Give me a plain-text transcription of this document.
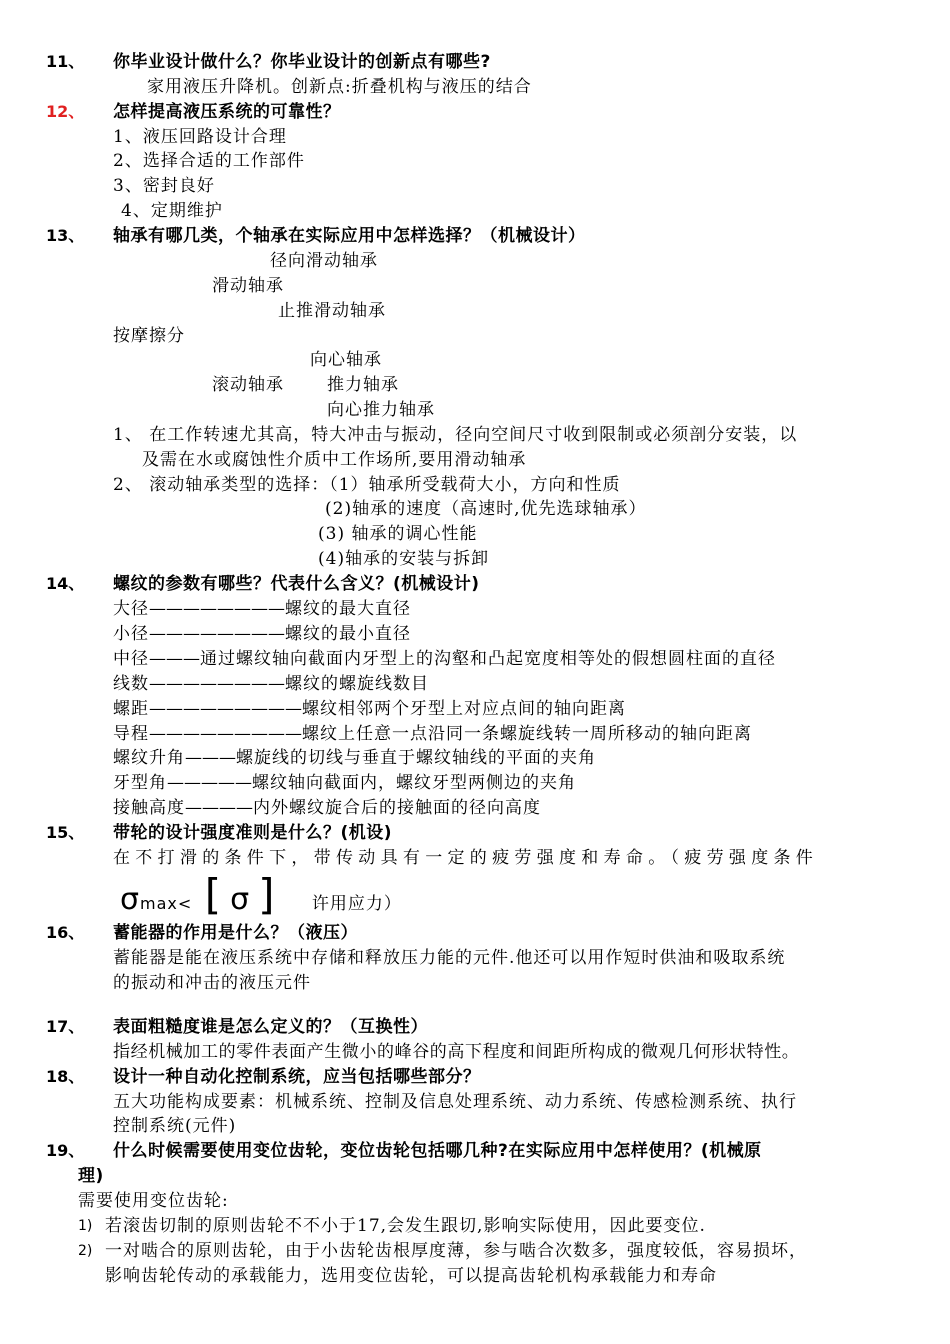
11、 你毕业设计做什么？你毕业设计的创新点有哪些?
家用液压升降机。创新点:折叠机构与液压的结合
12、 怎样提高液压系统的可靠性？
1、液压回路设计合理
2、选择合适的工作部件
3、密封良好
4、定期维护
13、 轴承有哪几类，个轴承在实际应用中怎样选择？（机械设计）
径向滑动轴承
滑动轴承
止推滑动轴承
按摩擦分
向心轴承
滚动轴承	推力轴承
向心推力轴承
1、 在工作转速尤其高，特大冲击与振动，径向空间尺寸收到限制或必须剖分安装，以
及需在水或腐蚀性介质中工作场所,要用滑动轴承
2、 滚动轴承类型的选择：（1）轴承所受载荷大小，方向和性质
(2)轴承的速度（高速时,优先选球轴承）
(3) 轴承的调心性能
(4)轴承的安装与拆卸
14、 螺纹的参数有哪些？代表什么含义？(机械设计)
大径————————螺纹的最大直径
小径————————螺纹的最小直径
中径———通过螺纹轴向截面内牙型上的沟壑和凸起宽度相等处的假想圆柱面的直径
线数————————螺纹的螺旋线数目
螺距—————————螺纹相邻两个牙型上对应点间的轴向距离
导程—————————螺纹上任意一点沿同一条螺旋线转一周所移动的轴向距离
螺纹升角———螺旋线的切线与垂直于螺纹轴线的平面的夹角
牙型角—————螺纹轴向截面内，螺纹牙型两侧边的夹角
接触高度————内外螺纹旋合后的接触面的径向高度
15、 带轮的设计强度准则是什么？(机设)
在不打滑的条件下，带传动具有一定的疲劳强度和寿命。（疲劳强度条件
σmax< [ σ ] 许用应力）
16、 蓄能器的作用是什么？（液压）
蓄能器是能在液压系统中存储和释放压力能的元件.他还可以用作短时供油和吸取系统
的振动和冲击的液压元件
17、 表面粗糙度谁是怎么定义的？（互换性）
指经机械加工的零件表面产生微小的峰谷的高下程度和间距所构成的微观几何形状特性。
18、 设计一种自动化控制系统，应当包括哪些部分？
五大功能构成要素：机械系统、控制及信息处理系统、动力系统、传感检测系统、执行
控制系统(元件)
19、 什么时候需要使用变位齿轮，变位齿轮包括哪几种?在实际应用中怎样使用？(机械原
理)
需要使用变位齿轮:
1) 若滚齿切制的原则齿轮不不小于17,会发生跟切,影响实际使用，因此要变位.
2) 一对啮合的原则齿轮，由于小齿轮齿根厚度薄，参与啮合次数多，强度较低，容易损坏，
影响齿轮传动的承载能力，选用变位齿轮，可以提高齿轮机构承载能力和寿命
